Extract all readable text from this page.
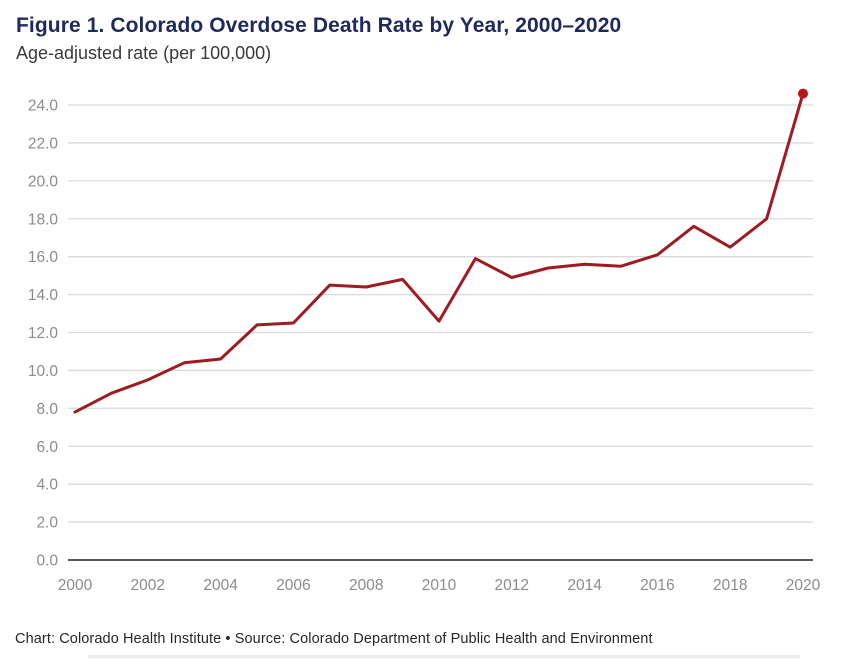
Figure 1. Colorado Overdose Death Rate by Year, 2000–2020
Age-adjusted rate (per 100,000)
0.0
2.0
4.0
6.0
8.0
10.0
12.0
14.0
16.0
18.0
20.0
22.0
24.0
2000 2002 2004 2006 2008 2010 2012 2014 2016 2018 2020
Chart: Colorado Health Institute • Source: Colorado Department of Public Health and Environment
